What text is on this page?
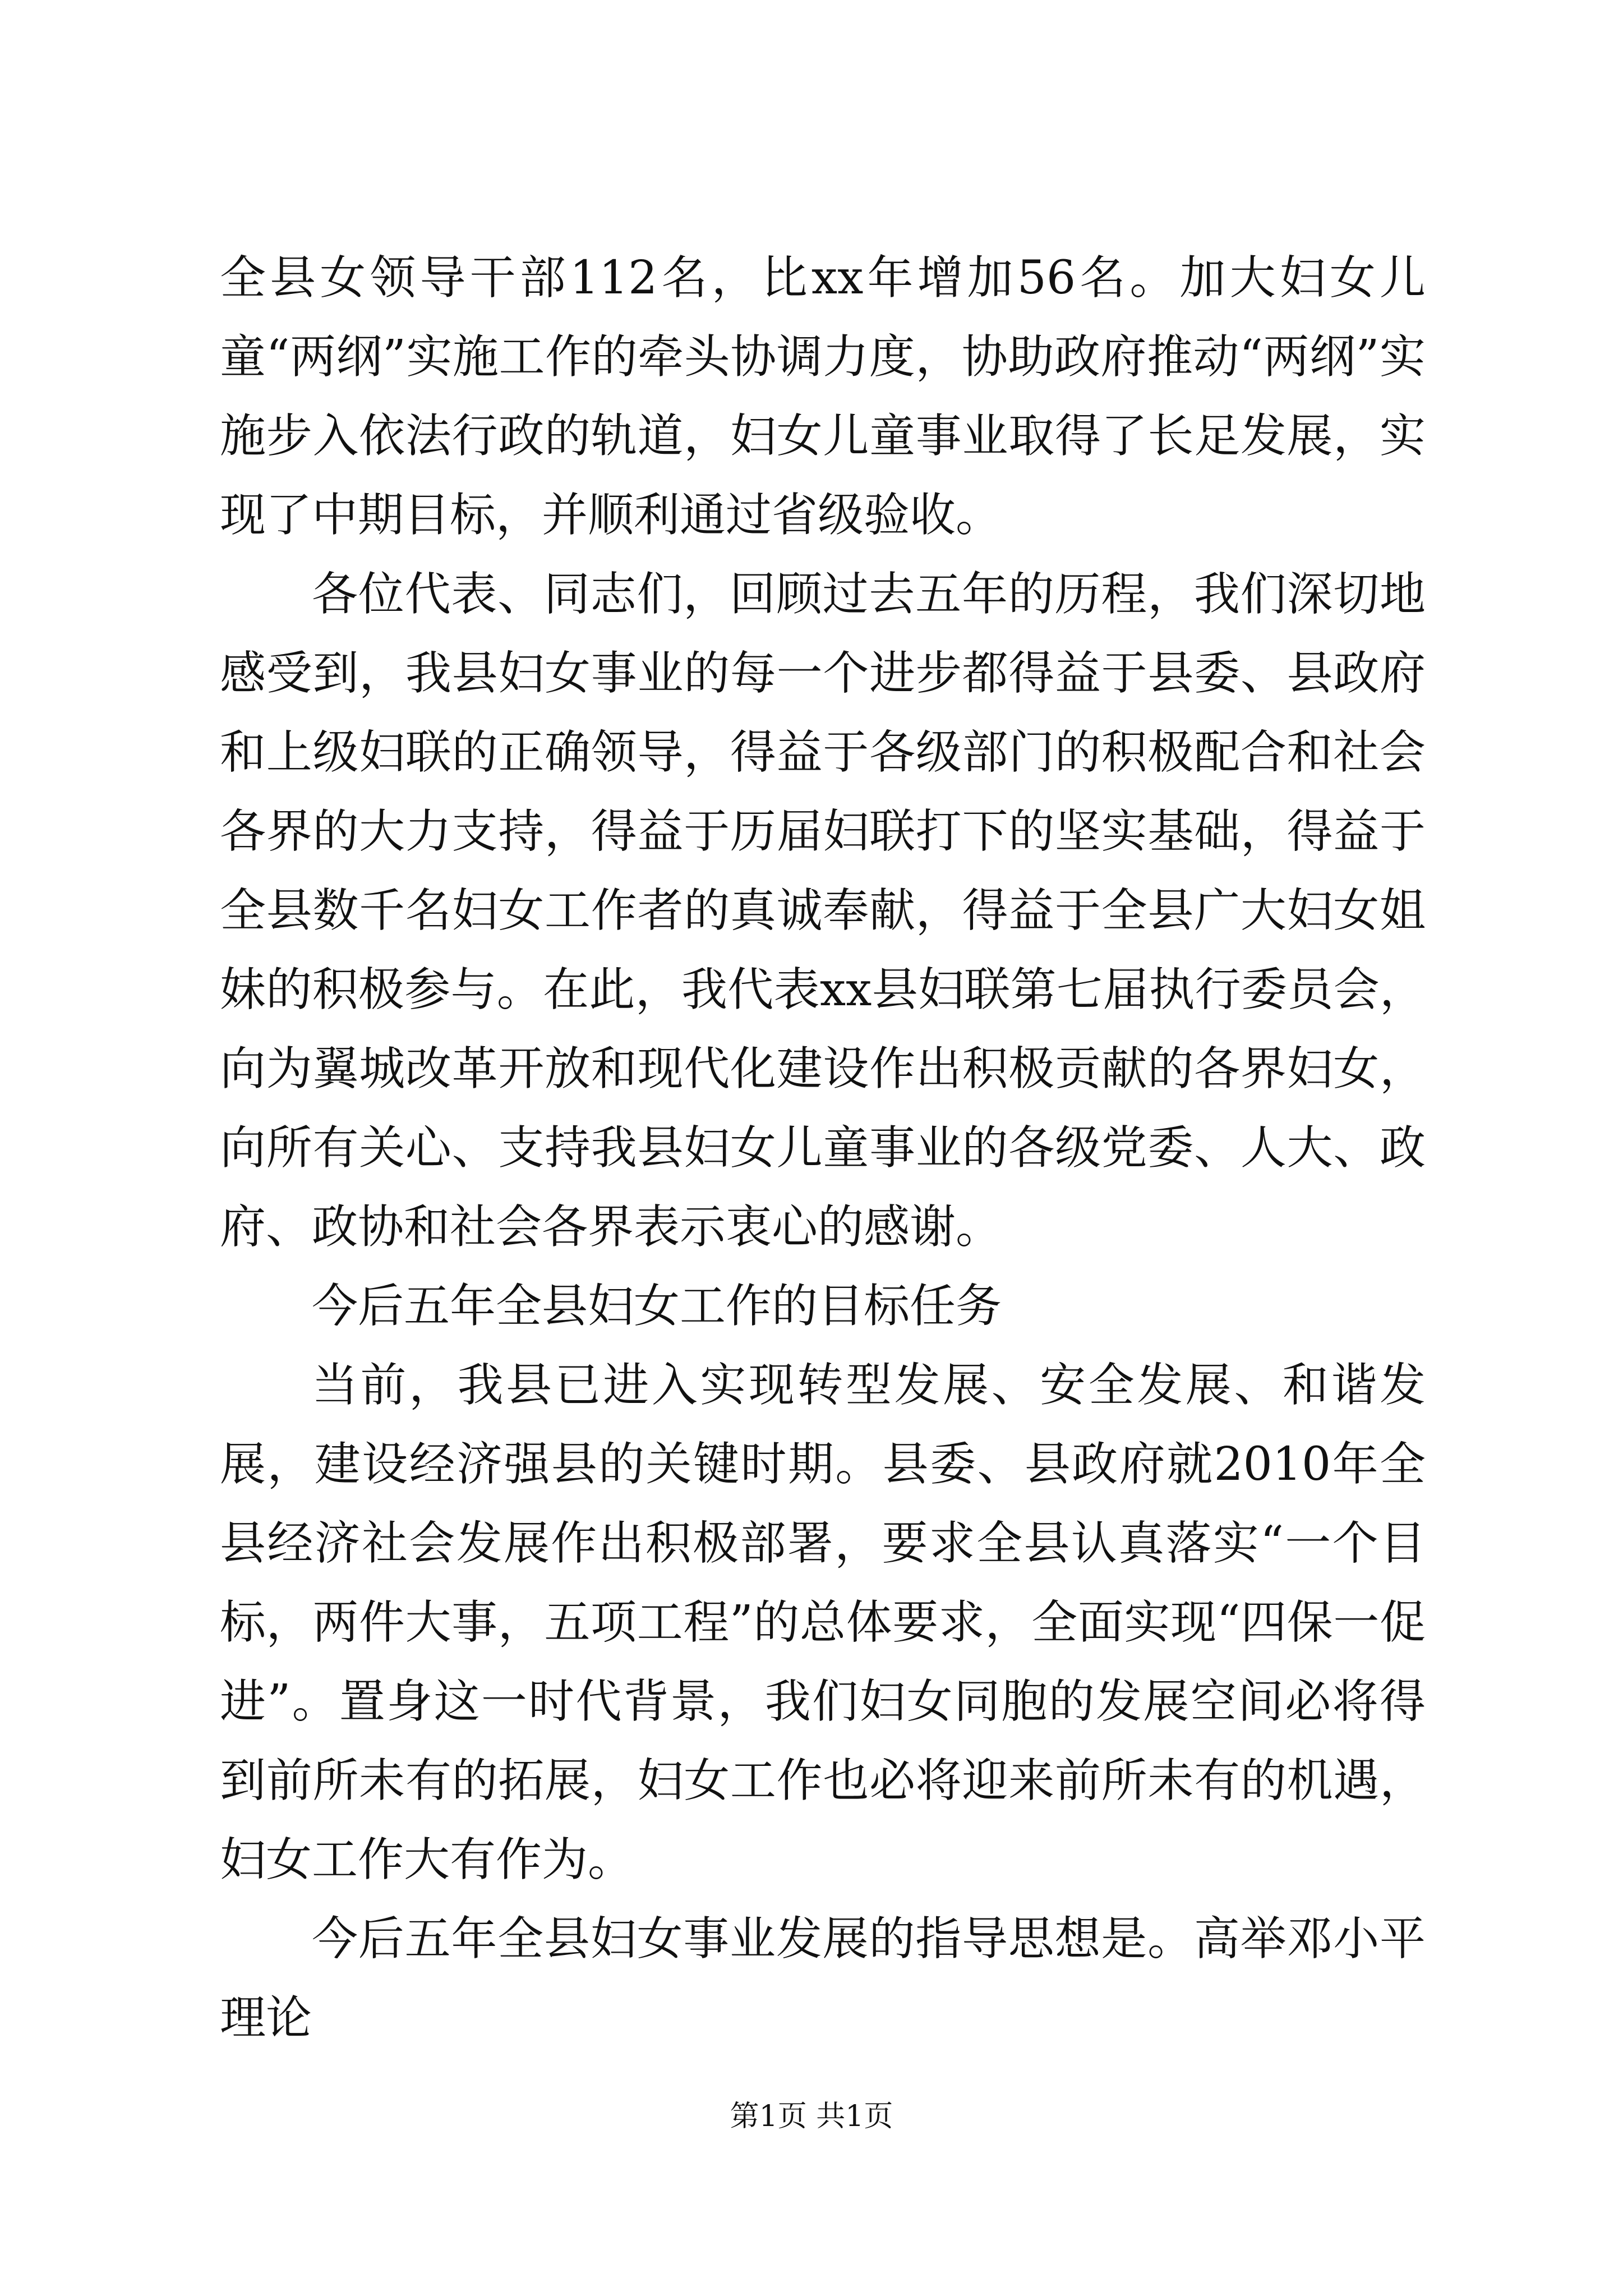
全县女领导干部112名，比xx年增加56名。加大妇女儿童“两纲”实施工作的牵头协调力度，协助政府推动“两纲”实施步入依法行政的轨道，妇女儿童事业取得了长足发展，实现了中期目标，并顺利通过省级验收。

各位代表、同志们，回顾过去五年的历程，我们深切地感受到，我县妇女事业的每一个进步都得益于县委、县政府和上级妇联的正确领导，得益于各级部门的积极配合和社会各界的大力支持，得益于历届妇联打下的坚实基础，得益于全县数千名妇女工作者的真诚奉献，得益于全县广大妇女姐妹的积极参与。在此，我代表xx县妇联第七届执行委员会，向为翼城改革开放和现代化建设作出积极贡献的各界妇女，向所有关心、支持我县妇女儿童事业的各级党委、人大、政府、政协和社会各界表示衷心的感谢。

今后五年全县妇女工作的目标任务

当前，我县已进入实现转型发展、安全发展、和谐发展，建设经济强县的关键时期。县委、县政府就2010年全县经济社会发展作出积极部署，要求全县认真落实“一个目标，两件大事，五项工程”的总体要求，全面实现“四保一促进”。置身这一时代背景，我们妇女同胞的发展空间必将得到前所未有的拓展，妇女工作也必将迎来前所未有的机遇，妇女工作大有作为。

今后五年全县妇女事业发展的指导思想是。高举邓小平理论

第1页 共1页
